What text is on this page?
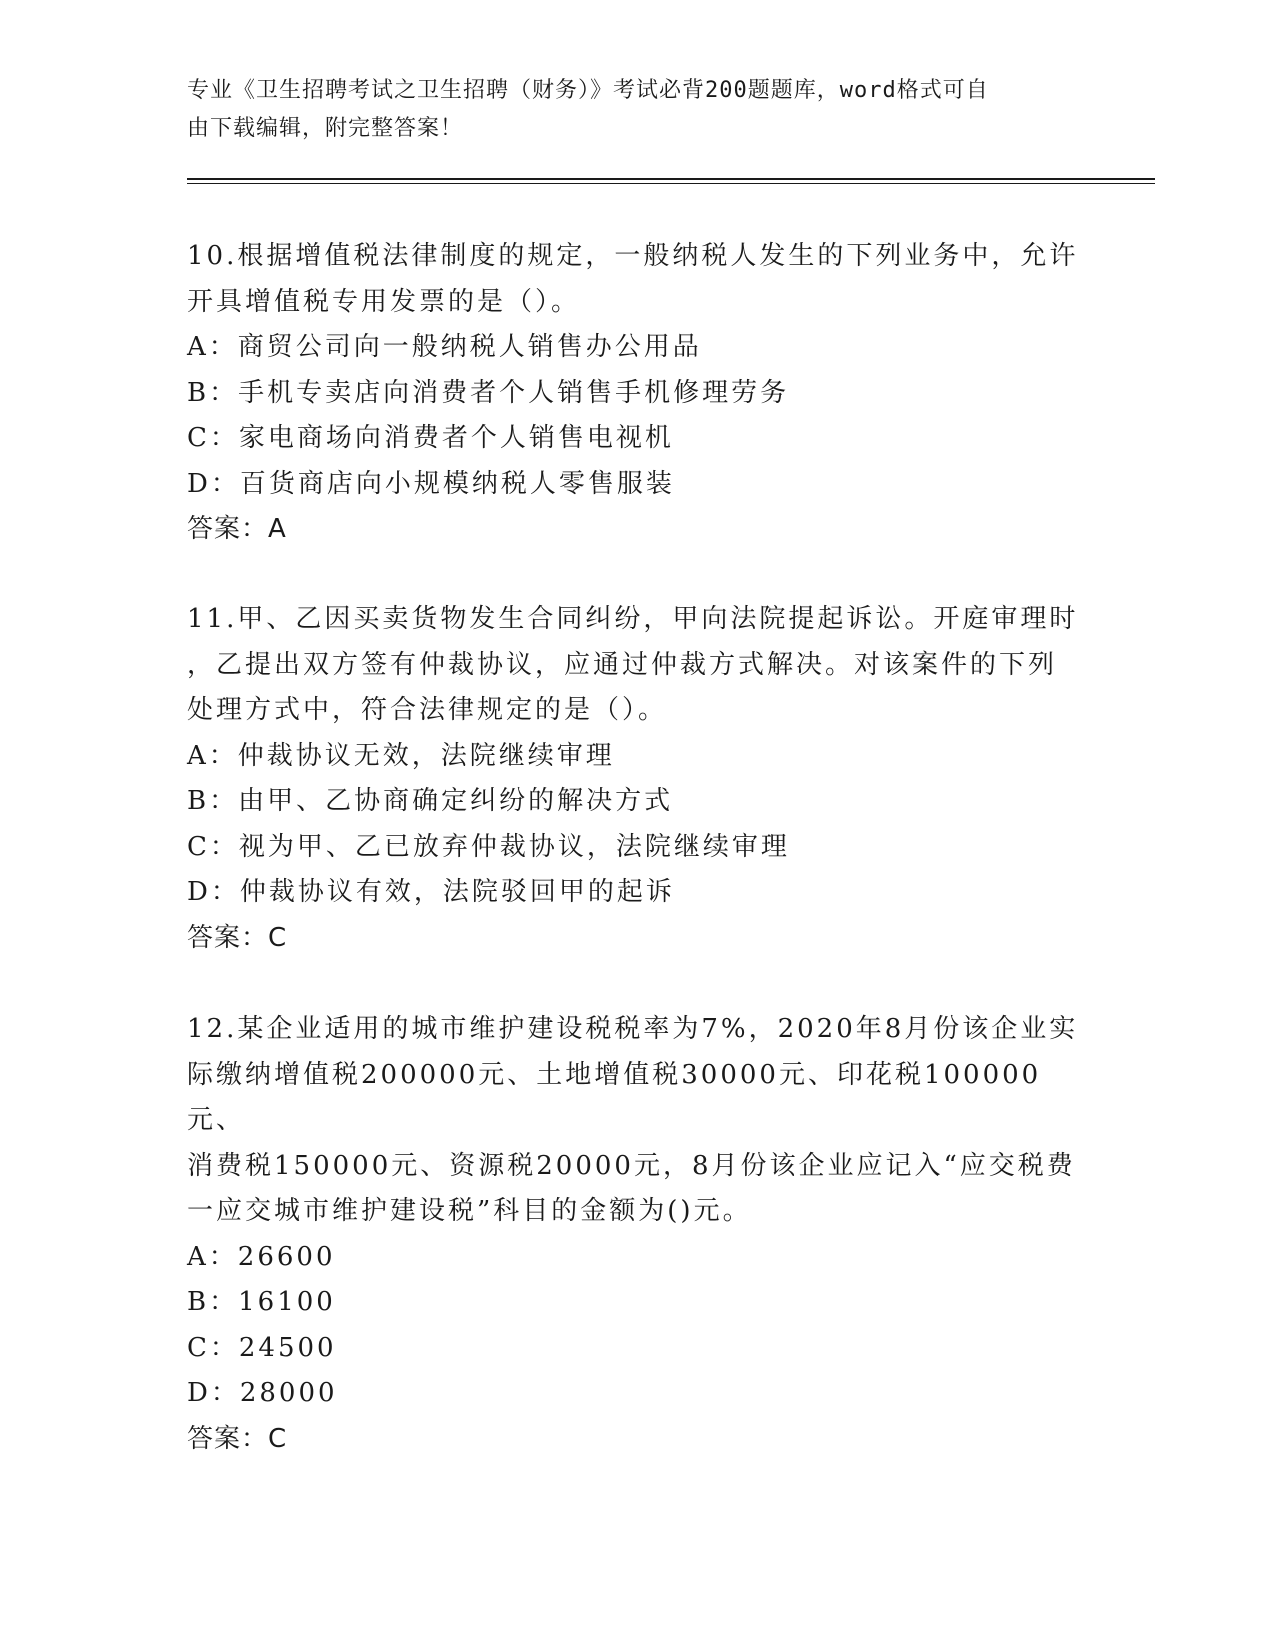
专业《卫生招聘考试之卫生招聘（财务）》考试必背200题题库，word格式可自
由下载编辑，附完整答案！

10.根据增值税法律制度的规定，一般纳税人发生的下列业务中，允许

开具增值税专用发票的是（）。

A：商贸公司向一般纳税人销售办公用品

B：手机专卖店向消费者个人销售手机修理劳务

C：家电商场向消费者个人销售电视机

D：百货商店向小规模纳税人零售服装

答案：A

11.甲、乙因买卖货物发生合同纠纷，甲向法院提起诉讼。开庭审理时

，乙提出双方签有仲裁协议，应通过仲裁方式解决。对该案件的下列

处理方式中，符合法律规定的是（）。

A：仲裁协议无效，法院继续审理

B：由甲、乙协商确定纠纷的解决方式

C：视为甲、乙已放弃仲裁协议，法院继续审理

D：仲裁协议有效，法院驳回甲的起诉

答案：C

12.某企业适用的城市维护建设税税率为7%，2020年8月份该企业实

际缴纳增值税200000元、土地增值税30000元、印花税100000元、

消费税150000元、资源税20000元，8月份该企业应记入“应交税费

一应交城市维护建设税”科目的金额为()元。

A：26600

B：16100

C：24500

D：28000

答案：C
